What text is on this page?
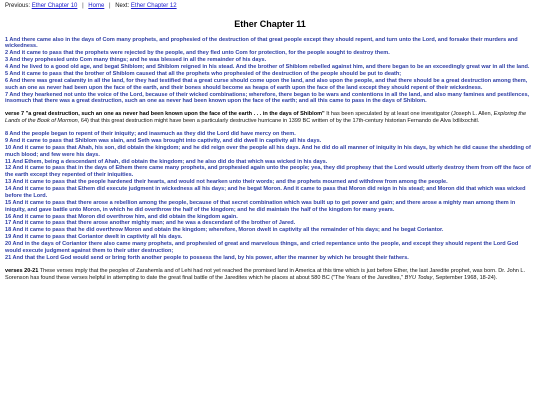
Previous: Ether Chapter 10 | Home | Next: Ether Chapter 12
Ether Chapter 11
1 And there came also in the days of Com many prophets, and prophesied of the destruction of that great people except they should repent, and turn unto the Lord, and forsake their murders and wickedness.
2 And it came to pass that the prophets were rejected by the people, and they fled unto Com for protection, for the people sought to destroy them.
3 And they prophesied unto Com many things; and he was blessed in all the remainder of his days.
4 And he lived to a good old age, and begat Shiblom; and Shiblom reigned in his stead. And the brother of Shiblom rebelled against him, and there began to be an exceedingly great war in all the land.
5 And it came to pass that the brother of Shiblom caused that all the prophets who prophesied of the destruction of the people should be put to death;
6 And there was great calamity in all the land, for they had testified that a great curse should come upon the land, and also upon the people, and that there should be a great destruction among them, such an one as never had been upon the face of the earth, and their bones should become as heaps of earth upon the face of the land except they should repent of their wickedness.
7 And they hearkened not unto the voice of the Lord, because of their wicked combinations; wherefore, there began to be wars and contentions in all the land, and also many famines and pestilences, insomuch that there was a great destruction, such an one as never had been known upon the face of the earth; and all this came to pass in the days of Shiblom.
verse 7 "a great destruction, such an one as never had been known upon the face of the earth . . . in the days of Shiblom" It has been speculated by at least one investigator (Joseph L. Allen, Exploring the Lands of the Book of Mormon, 64) that this great destruction might have been a particularly destructive hurricane in 1399 BC written of by the 17th-century historian Fernando de Alva Ixtlilxochitl.
8 And the people began to repent of their iniquity; and inasmuch as they did the Lord did have mercy on them.
9 And it came to pass that Shiblom was slain, and Seth was brought into captivity, and did dwell in captivity all his days.
10 And it came to pass that Ahah, his son, did obtain the kingdom; and he did reign over the people all his days. And he did do all manner of iniquity in his days, by which he did cause the shedding of much blood; and few were his days.
11 And Ethem, being a descendant of Ahah, did obtain the kingdom; and he also did do that which was wicked in his days.
12 And it came to pass that in the days of Ethem there came many prophets, and prophesied again unto the people; yea, they did prophesy that the Lord would utterly destroy them from off the face of the earth except they repented of their iniquities.
13 And it came to pass that the people hardened their hearts, and would not hearken unto their words; and the prophets mourned and withdrew from among the people.
14 And it came to pass that Ethem did execute judgment in wickedness all his days; and he begat Moron. And it came to pass that Moron did reign in his stead; and Moron did that which was wicked before the Lord.
15 And it came to pass that there arose a rebellion among the people, because of that secret combination which was built up to get power and gain; and there arose a mighty man among them in iniquity, and gave battle unto Moron, in which he did overthrow the half of the kingdom; and he did maintain the half of the kingdom for many years.
16 And it came to pass that Moron did overthrow him, and did obtain the kingdom again.
17 And it came to pass that there arose another mighty man; and he was a descendant of the brother of Jared.
18 And it came to pass that he did overthrow Moron and obtain the kingdom; wherefore, Moron dwelt in captivity all the remainder of his days; and he begat Coriantor.
19 And it came to pass that Coriantor dwelt in captivity all his days.
20 And in the days of Coriantor there also came many prophets, and prophesied of great and marvelous things, and cried repentance unto the people, and except they should repent the Lord God would execute judgment against them to their utter destruction;
21 And that the Lord God would send or bring forth another people to possess the land, by his power, after the manner by which he brought their fathers.
verses 20-21 These verses imply that the peoples of Zarahemla and of Lehi had not yet reached the promised land in America at this time which is just before Ether, the last Jaredite prophet, was born. Dr. John L. Sorenson has found these verses helpful in attempting to date the great final battle of the Jaredites which he places at about 580 BC ("The Years of the Jaredites," BYU Today, September 1968, 18-24).
